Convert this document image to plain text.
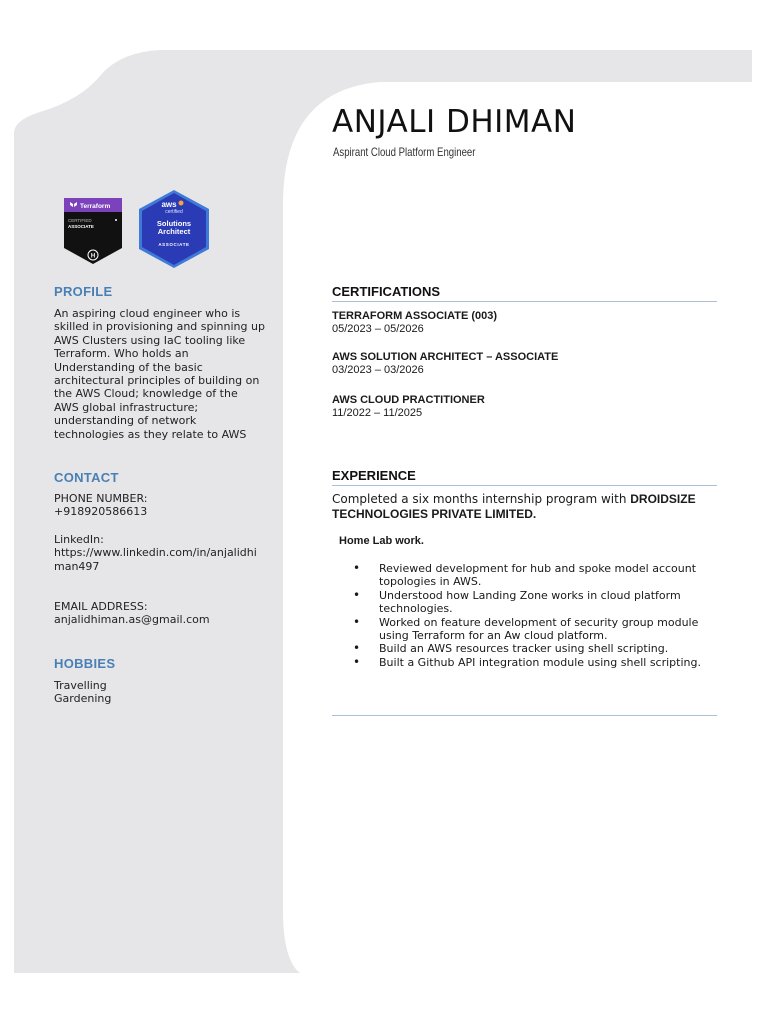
ANJALI DHIMAN
Aspirant Cloud Platform Engineer
Terraform
CERTIFIED
ASSOCIATE
H
aws
certified
Solutions
Architect
ASSOCIATE
PROFILE
An aspiring cloud engineer who is
skilled in provisioning and spinning up
AWS Clusters using IaC tooling like
Terraform. Who holds an
Understanding of the basic
architectural principles of building on
the AWS Cloud; knowledge of the
AWS global infrastructure;
understanding of network
technologies as they relate to AWS
CONTACT
PHONE NUMBER:
+918920586613
LinkedIn:
https://www.linkedin.com/in/anjalidhiman497
EMAIL ADDRESS:
anjalidhiman.as@gmail.com
HOBBIES
Travelling
Gardening
CERTIFICATIONS
TERRAFORM ASSOCIATE (003)
05/2023 – 05/2026
AWS SOLUTION ARCHITECT – ASSOCIATE
03/2023 – 03/2026
AWS CLOUD PRACTITIONER
11/2022 – 11/2025
EXPERIENCE
Completed a six months internship program with DROIDSIZE TECHNOLOGIES PRIVATE LIMITED.
Home Lab work.
• Reviewed development for hub and spoke model account topologies in AWS.
• Understood how Landing Zone works in cloud platform technologies.
• Worked on feature development of security group module using Terraform for an Aw cloud platform.
• Build an AWS resources tracker using shell scripting.
• Built a Github API integration module using shell scripting.
